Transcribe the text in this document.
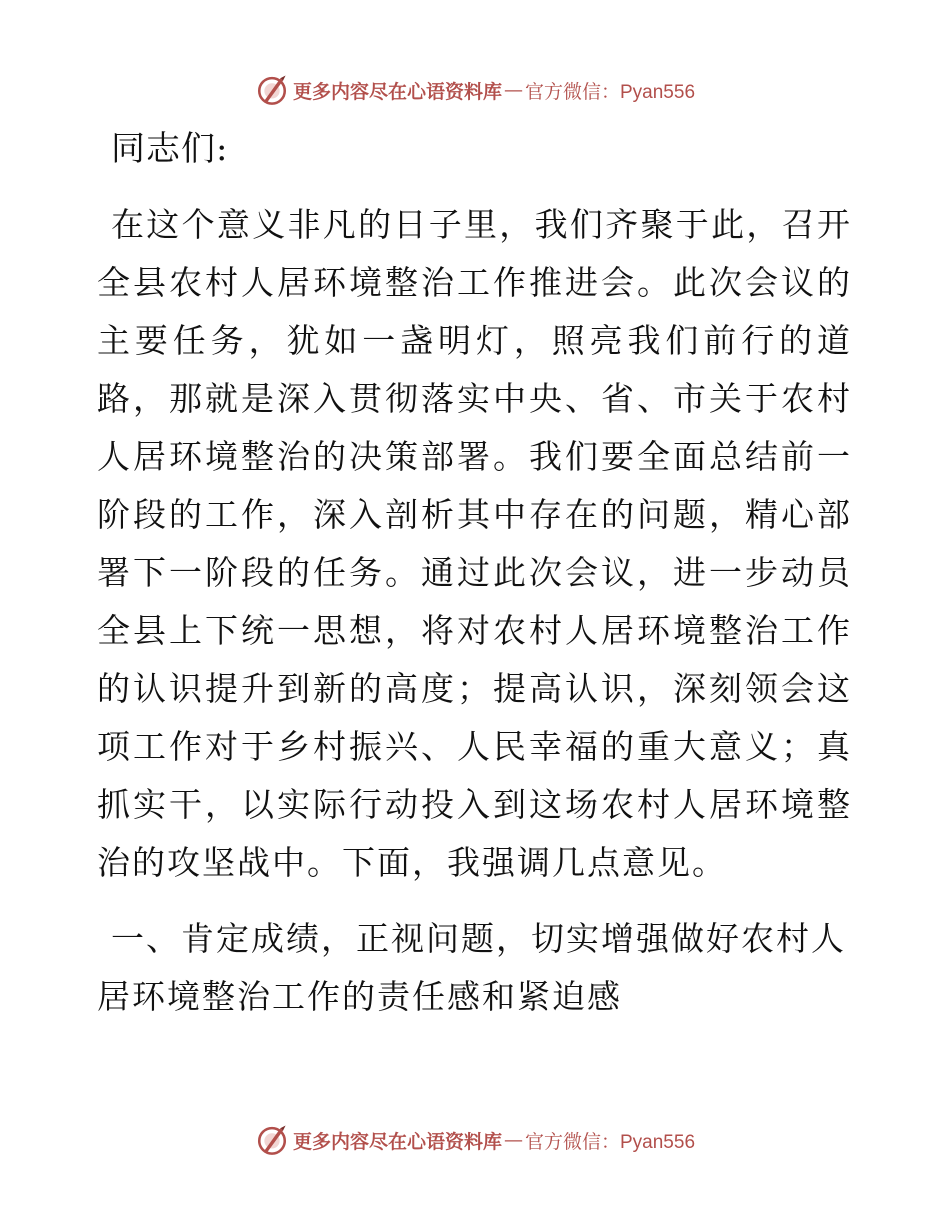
更多内容尽在心语资料库 — 官方微信：Pyan556
同志们:

在这个意义非凡的日子里，我们齐聚于此，召开全县农村人居环境整治工作推进会。此次会议的主要任务，犹如一盏明灯，照亮我们前行的道路，那就是深入贯彻落实中央、省、市关于农村人居环境整治的决策部署。我们要全面总结前一阶段的工作，深入剖析其中存在的问题，精心部署下一阶段的任务。通过此次会议，进一步动员全县上下统一思想，将对农村人居环境整治工作的认识提升到新的高度；提高认识，深刻领会这项工作对于乡村振兴、人民幸福的重大意义；真抓实干，以实际行动投入到这场农村人居环境整治的攻坚战中。下面，我强调几点意见。

一、肯定成绩，正视问题，切实增强做好农村人居环境整治工作的责任感和紧迫感

更多内容尽在心语资料库 — 官方微信：Pyan556
